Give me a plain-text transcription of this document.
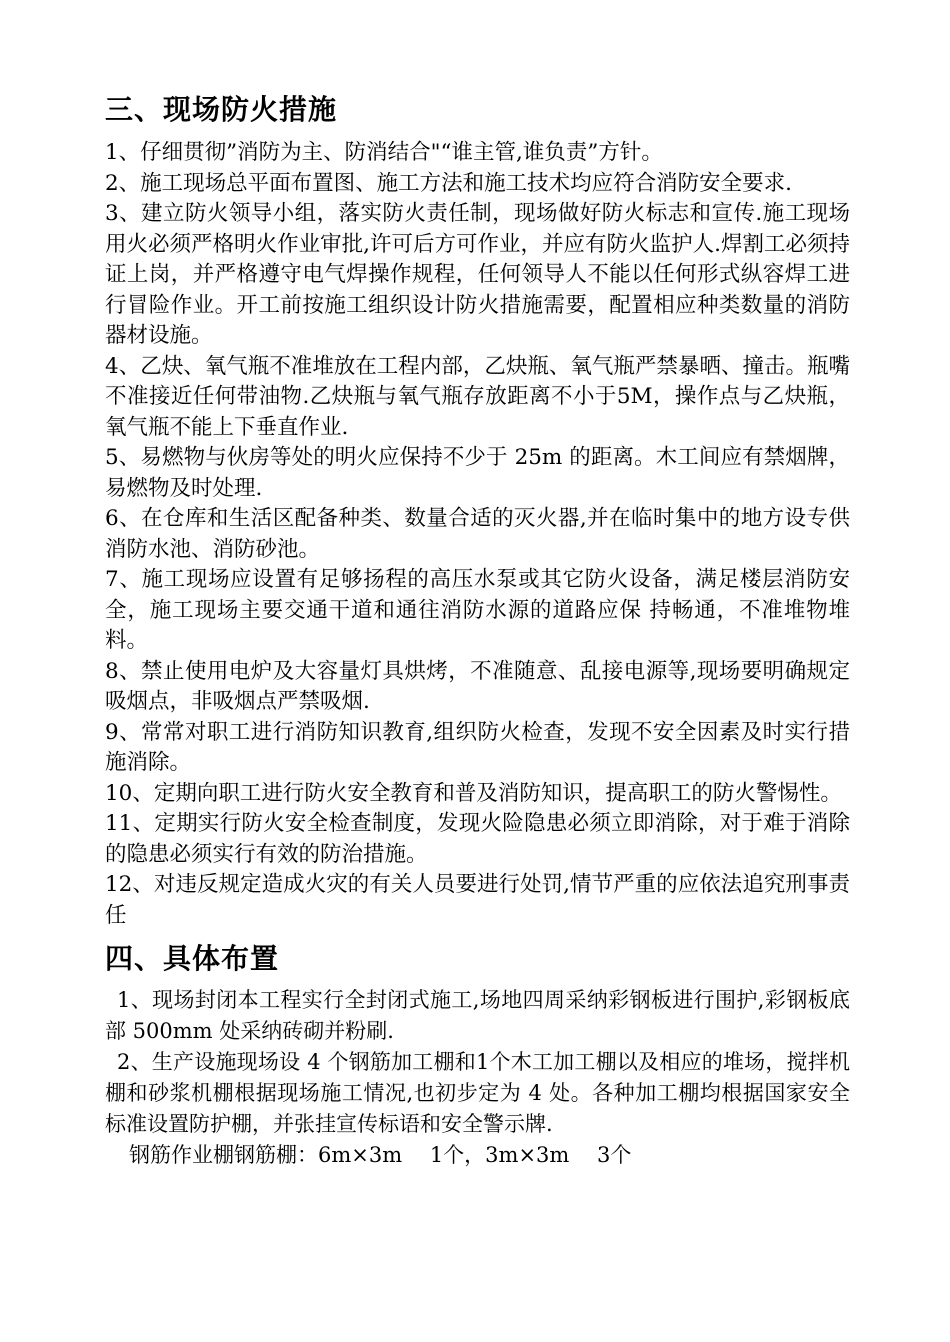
三、现场防火措施

1、仔细贯彻”消防为主、防消结合"“谁主管,谁负责”方针。

2、施工现场总平面布置图、施工方法和施工技术均应符合消防安全要求.

3、建立防火领导小组，落实防火责任制，现场做好防火标志和宣传.施工现场用火必须严格明火作业审批,许可后方可作业，并应有防火监护人.焊割工必须持证上岗，并严格遵守电气焊操作规程，任何领导人不能以任何形式纵容焊工进行冒险作业。开工前按施工组织设计防火措施需要，配置相应种类数量的消防器材设施。

4、乙炔、氧气瓶不准堆放在工程内部，乙炔瓶、氧气瓶严禁暴晒、撞击。瓶嘴不准接近任何带油物.乙炔瓶与氧气瓶存放距离不小于5M，操作点与乙炔瓶，氧气瓶不能上下垂直作业.

5、易燃物与伙房等处的明火应保持不少于 25m 的距离。木工间应有禁烟牌，易燃物及时处理.

6、在仓库和生活区配备种类、数量合适的灭火器,并在临时集中的地方设专供消防水池、消防砂池。

7、施工现场应设置有足够扬程的高压水泵或其它防火设备，满足楼层消防安全，施工现场主要交通干道和通往消防水源的道路应保 持畅通，不准堆物堆料。

8、禁止使用电炉及大容量灯具烘烤，不准随意、乱接电源等,现场要明确规定吸烟点，非吸烟点严禁吸烟.

9、常常对职工进行消防知识教育,组织防火检查，发现不安全因素及时实行措施消除。

10、定期向职工进行防火安全教育和普及消防知识，提高职工的防火警惕性。

11、定期实行防火安全检查制度，发现火险隐患必须立即消除，对于难于消除的隐患必须实行有效的防治措施。

12、对违反规定造成火灾的有关人员要进行处罚,情节严重的应依法追究刑事责任

四、具体布置

1、现场封闭本工程实行全封闭式施工,场地四周采纳彩钢板进行围护,彩钢板底部 500mm 处采纳砖砌并粉刷.

2、生产设施现场设 4 个钢筋加工棚和1个木工加工棚以及相应的堆场，搅拌机棚和砂浆机棚根据现场施工情况,也初步定为 4 处。各种加工棚均根据国家安全标准设置防护棚，并张挂宣传标语和安全警示牌.

钢筋作业棚钢筋棚：6m×3m　 1个，3m×3m　 3个
